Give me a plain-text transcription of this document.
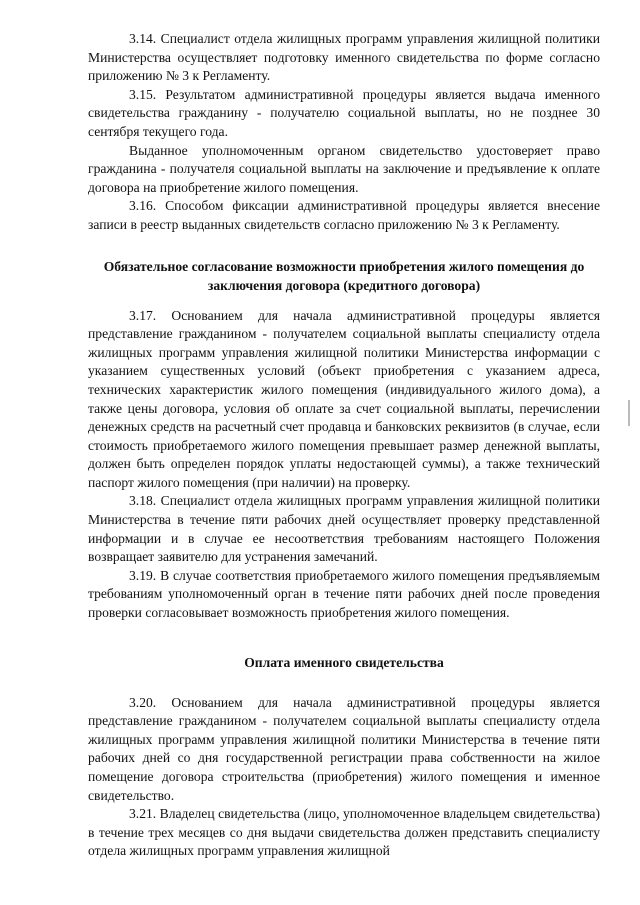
3.14. Специалист отдела жилищных программ управления жилищной политики Министерства осуществляет подготовку именного свидетельства по форме согласно приложению № 3 к Регламенту.

3.15. Результатом административной процедуры является выдача именного свидетельства гражданину - получателю социальной выплаты, но не позднее 30 сентября текущего года.

Выданное уполномоченным органом свидетельство удостоверяет право гражданина - получателя социальной выплаты на заключение и предъявление к оплате договора на приобретение жилого помещения.

3.16. Способом фиксации административной процедуры является внесение записи в реестр выданных свидетельств согласно приложению № 3 к Регламенту.

Обязательное согласование возможности приобретения жилого помещения до заключения договора (кредитного договора)

3.17. Основанием для начала административной процедуры является представление гражданином - получателем социальной выплаты специалисту отдела жилищных программ управления жилищной политики Министерства информации с указанием существенных условий (объект приобретения с указанием адреса, технических характеристик жилого помещения (индивидуального жилого дома), а также цены договора, условия об оплате за счет социальной выплаты, перечислении денежных средств на расчетный счет продавца и банковских реквизитов (в случае, если стоимость приобретаемого жилого помещения превышает размер денежной выплаты, должен быть определен порядок уплаты недостающей суммы), а также технический паспорт жилого помещения (при наличии) на проверку.

3.18. Специалист отдела жилищных программ управления жилищной политики Министерства в течение пяти рабочих дней осуществляет проверку представленной информации и в случае ее несоответствия требованиям настоящего Положения возвращает заявителю для устранения замечаний.

3.19. В случае соответствия приобретаемого жилого помещения предъявляемым требованиям уполномоченный орган в течение пяти рабочих дней после проведения проверки согласовывает возможность приобретения жилого помещения.

Оплата именного свидетельства

3.20. Основанием для начала административной процедуры является представление гражданином - получателем социальной выплаты специалисту отдела жилищных программ управления жилищной политики Министерства в течение пяти рабочих дней со дня государственной регистрации права собственности на жилое помещение договора строительства (приобретения) жилого помещения и именное свидетельство.

3.21. Владелец свидетельства (лицо, уполномоченное владельцем свидетельства) в течение трех месяцев со дня выдачи свидетельства должен представить специалисту отдела жилищных программ управления жилищной
